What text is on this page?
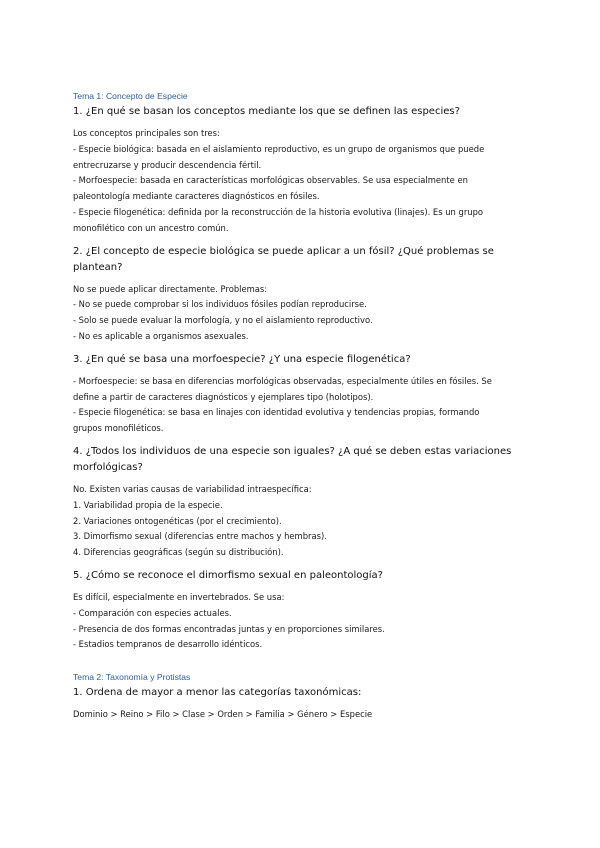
Tema 1: Concepto de Especie

1. ¿En qué se basan los conceptos mediante los que se definen las especies?

Los conceptos principales son tres:

- Especie biológica: basada en el aislamiento reproductivo, es un grupo de organismos que puede

entrecruzarse y producir descendencia fértil.

- Morfoespecie: basada en características morfológicas observables. Se usa especialmente en

paleontología mediante caracteres diagnósticos en fósiles.

- Especie filogenética: definida por la reconstrucción de la historia evolutiva (linajes). Es un grupo

monofilético con un ancestro común.

2. ¿El concepto de especie biológica se puede aplicar a un fósil? ¿Qué problemas se
plantean?

No se puede aplicar directamente. Problemas:

- No se puede comprobar si los individuos fósiles podían reproducirse.

- Solo se puede evaluar la morfología, y no el aislamiento reproductivo.

- No es aplicable a organismos asexuales.

3. ¿En qué se basa una morfoespecie? ¿Y una especie filogenética?

- Morfoespecie: se basa en diferencias morfológicas observadas, especialmente útiles en fósiles. Se

define a partir de caracteres diagnósticos y ejemplares tipo (holotipos).

- Especie filogenética: se basa en linajes con identidad evolutiva y tendencias propias, formando

grupos monofiléticos.

4. ¿Todos los individuos de una especie son iguales? ¿A qué se deben estas variaciones
morfológicas?

No. Existen varias causas de variabilidad intraespecífica:

1. Variabilidad propia de la especie.

2. Variaciones ontogenéticas (por el crecimiento).

3. Dimorfismo sexual (diferencias entre machos y hembras).

4. Diferencias geográficas (según su distribución).

5. ¿Cómo se reconoce el dimorfismo sexual en paleontología?

Es difícil, especialmente en invertebrados. Se usa:

- Comparación con especies actuales.

- Presencia de dos formas encontradas juntas y en proporciones similares.

- Estadios tempranos de desarrollo idénticos.

Tema 2: Taxonomía y Protistas

1. Ordena de mayor a menor las categorías taxonómicas:

Dominio > Reino > Filo > Clase > Orden > Familia > Género > Especie
